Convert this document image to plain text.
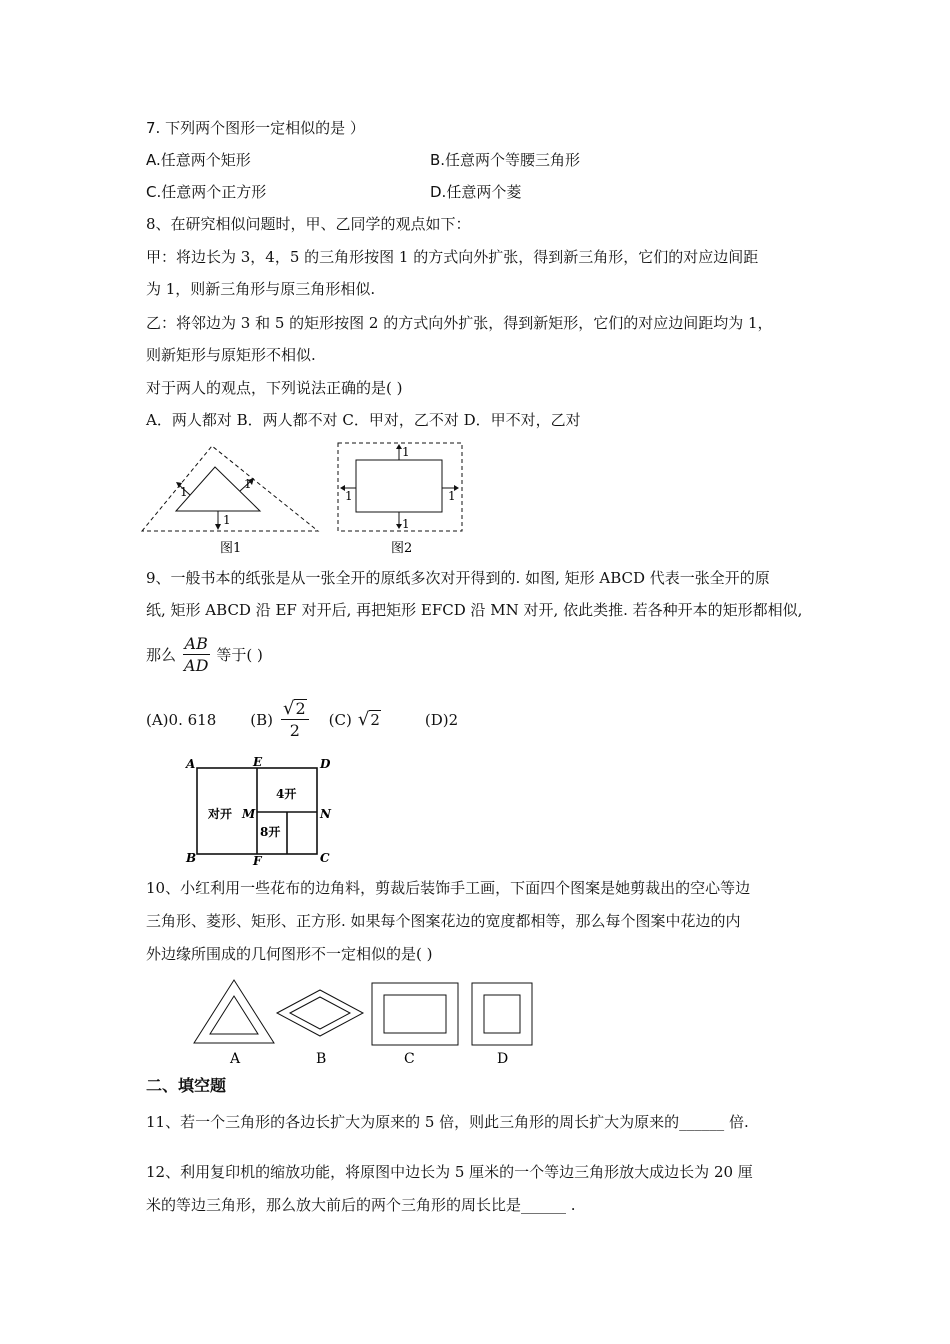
7. 下列两个图形一定相似的是 ）
A.任意两个矩形	B.任意两个等腰三角形
C.任意两个正方形	D.任意两个菱
8、在研究相似问题时，甲、乙同学的观点如下：
甲：将边长为 3，4，5 的三角形按图 1 的方式向外扩张，得到新三角形，它们的对应边间距
为 1，则新三角形与原三角形相似.
乙：将邻边为 3 和 5 的矩形按图 2 的方式向外扩张，得到新矩形，它们的对应边间距均为 1，
则新矩形与原矩形不相似.
对于两人的观点，下列说法正确的是( )
A．两人都对 B．两人都不对 C．甲对，乙不对 D．甲不对，乙对
1
1
1
图1
1
1
1	1
图2
9、一般书本的纸张是从一张全开的原纸多次对开得到的. 如图, 矩形 ABCD 代表一张全开的原
纸, 矩形 ABCD 沿 EF 对开后, 再把矩形 EFCD 沿 MN 对开, 依此类推. 若各种开本的矩形都相似,
那么 $\frac{AB}{AD}$ 等于( )
(A)0. 618 $(B) \frac{√ 2}{2} (C)$ √ 2	(D)2
A	E	D
B	F	C
M	N
对开
4开
8开
10、小红利用一些花布的边角料，剪裁后装饰手工画，下面四个图案是她剪裁出的空心等边
三角形、菱形、矩形、正方形. 如果每个图案花边的宽度都相等，那么每个图案中花边的内
外边缘所围成的几何图形不一定相似的是( )
A	B	C	D
二、填空题
11、若一个三角形的各边长扩大为原来的 5 倍，则此三角形的周长扩大为原来的______ 倍.
12、利用复印机的缩放功能，将原图中边长为 5 厘米的一个等边三角形放大成边长为 20 厘
米的等边三角形，那么放大前后的两个三角形的周长比是______ .
